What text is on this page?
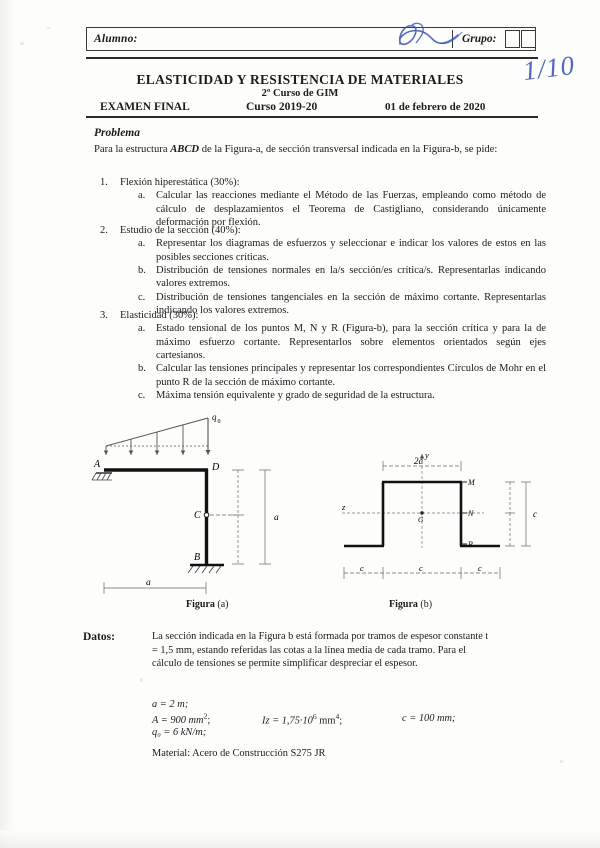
Alumno:	Grupo:
1/10
ELASTICIDAD Y RESISTENCIA DE MATERIALES
2º Curso de GIM
EXAMEN FINAL	Curso 2019-20	01 de febrero de 2020
Problema
Para la estructura ABCD de la Figura-a, de sección transversal indicada en la Figura-b, se pide:
1. Flexión hiperestática (30%):
a. Calcular las reacciones mediante el Método de las Fuerzas, empleando como método de cálculo de desplazamientos el Teorema de Castigliano, considerando únicamente deformación por flexión.
2. Estudio de la sección (40%):
a. Representar los diagramas de esfuerzos y seleccionar e indicar los valores de estos en las posibles secciones críticas.
b. Distribución de tensiones normales en la/s sección/es crítica/s. Representarlas indicando valores extremos.
c. Distribución de tensiones tangenciales en la sección de máximo cortante. Representarlas indicando los valores extremos.
3. Elasticidad (30%):
a. Estado tensional de los puntos M, N y R (Figura-b), para la sección crítica y para la de máximo esfuerzo cortante. Representarlos sobre elementos orientados según ejes cartesianos.
b. Calcular las tensiones principales y representar los correspondientes Círculos de Mohr en el punto R de la sección de máximo cortante.
c. Máxima tensión equivalente y grado de seguridad de la estructura.
q 0
A	D
C
B
a
a
y
z
G
M
N
R
2c
c	c	c
c
Figura (a)	Figura (b)
Datos:	La sección indicada en la Figura b está formada por tramos de espesor constante t = 1,5 mm, estando referidas las cotas a la línea media de cada tramo. Para el cálculo de tensiones se permite simplificar despreciar el espesor.
a = 2 m;
A = 900 $mm^2$;	$Iz = 1,75\cdot 10^6$ $mm^4$;	c = 100 mm;
q₀ = 6 kN/m;
Material: Acero de Construcción S275 JR
